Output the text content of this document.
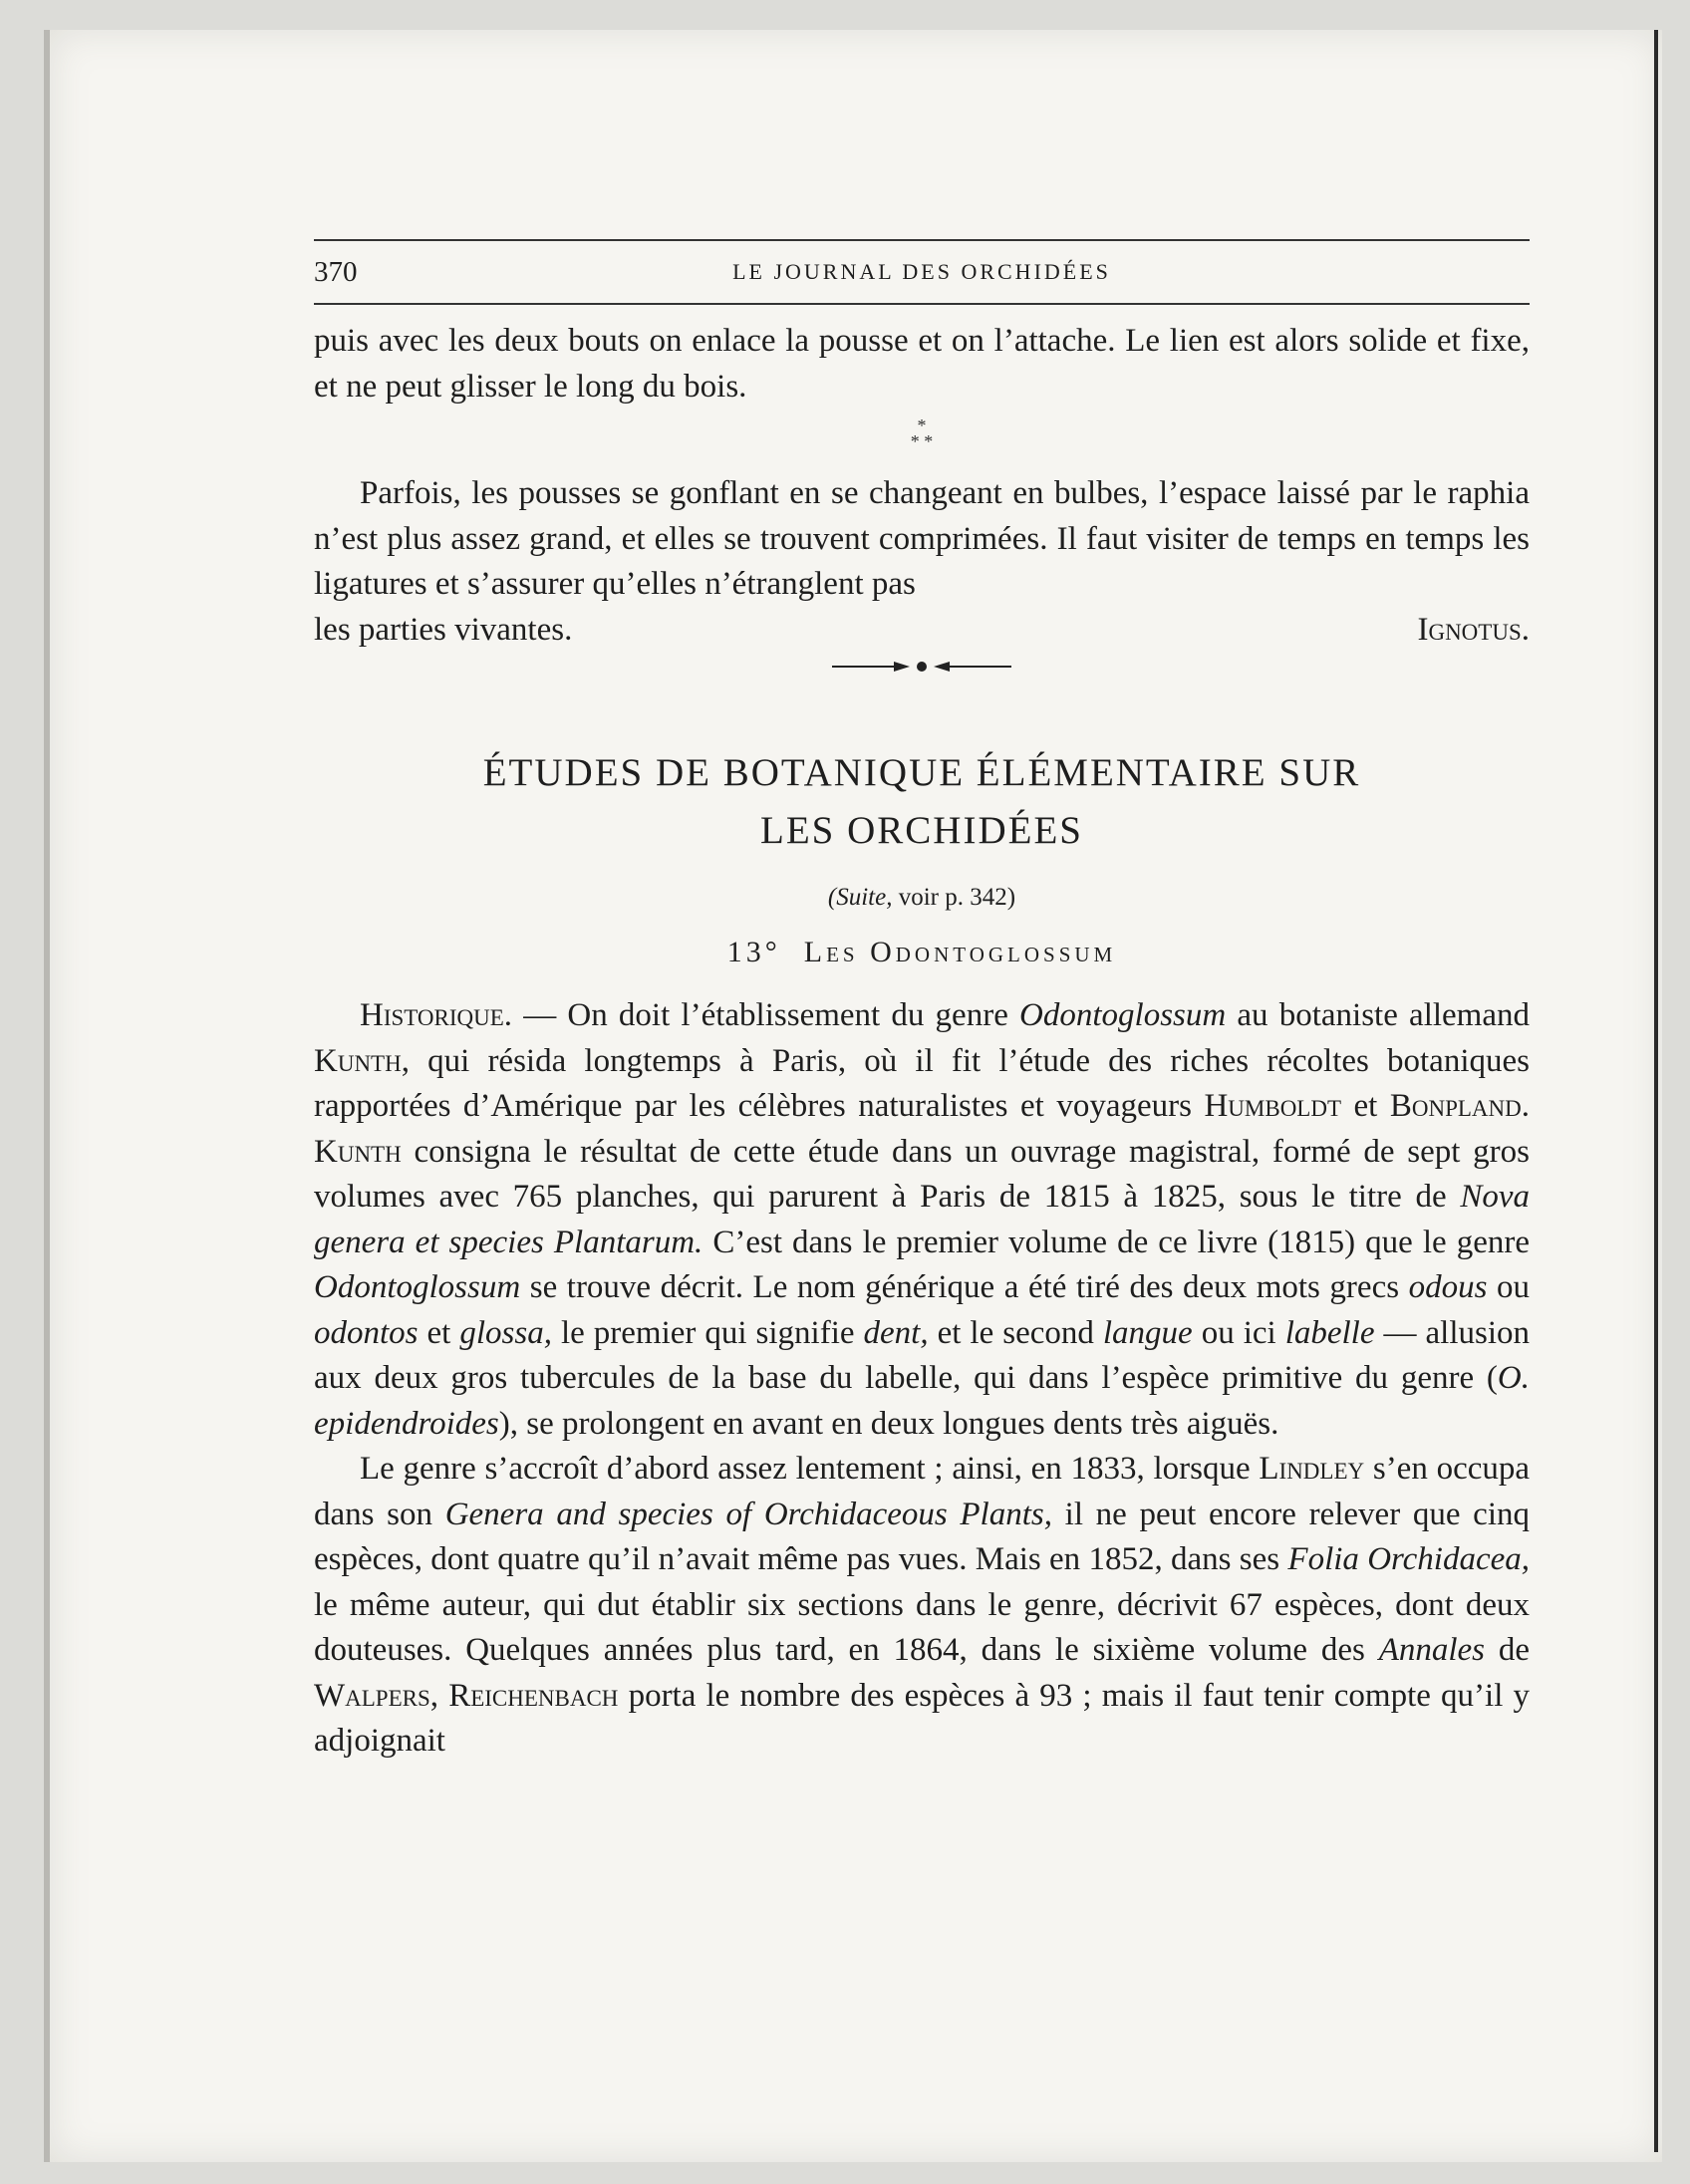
370	LE JOURNAL DES ORCHIDÉES

puis avec les deux bouts on enlace la pousse et on l’attache. Le lien est alors solide et fixe, et ne peut glisser le long du bois.

*
* *

Parfois, les pousses se gonflant en se changeant en bulbes, l’espace laissé par le raphia n’est plus assez grand, et elles se trouvent comprimées. Il faut visiter de temps en temps les ligatures et s’assurer qu’elles n’étranglent pas

les parties vivantes.	Ignotus.
ÉTUDES DE BOTANIQUE ÉLÉMENTAIRE SUR
LES ORCHIDÉES
(Suite, voir p. 342)
13° Les Odontoglossum

Historique. — On doit l’établissement du genre Odontoglossum au botaniste allemand Kunth, qui résida longtemps à Paris, où il fit l’étude des riches récoltes botaniques rapportées d’Amérique par les célèbres naturalistes et voyageurs Humboldt et Bonpland. Kunth consigna le résultat de cette étude dans un ouvrage magistral, formé de sept gros volumes avec 765 planches, qui parurent à Paris de 1815 à 1825, sous le titre de Nova genera et species Plantarum. C’est dans le premier volume de ce livre (1815) que le genre Odontoglossum se trouve décrit. Le nom générique a été tiré des deux mots grecs odous ou odontos et glossa, le premier qui signifie dent, et le second langue ou ici labelle — allusion aux deux gros tubercules de la base du labelle, qui dans l’espèce primitive du genre (O. epidendroides), se prolongent en avant en deux longues dents très aiguës.

Le genre s’accroît d’abord assez lentement ; ainsi, en 1833, lorsque Lindley s’en occupa dans son Genera and species of Orchidaceous Plants, il ne peut encore relever que cinq espèces, dont quatre qu’il n’avait même pas vues. Mais en 1852, dans ses Folia Orchidacea, le même auteur, qui dut établir six sections dans le genre, décrivit 67 espèces, dont deux douteuses. Quelques années plus tard, en 1864, dans le sixième volume des Annales de Walpers, Reichenbach porta le nombre des espèces à 93 ; mais il faut tenir compte qu’il y adjoignait
